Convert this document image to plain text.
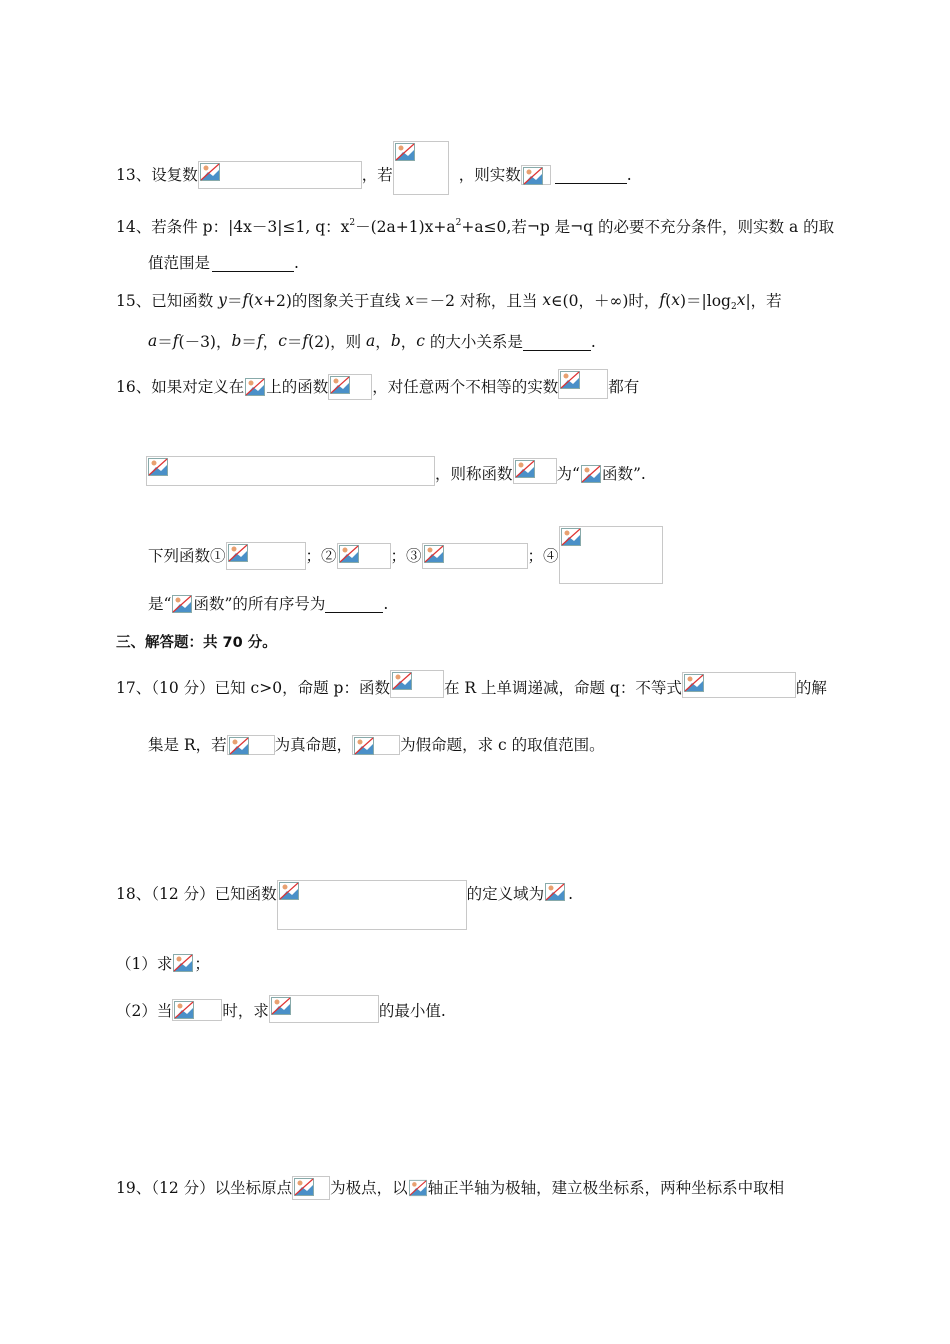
13、设复数	，若	，则实数	.
14、若条件 p：|4x－3|≤1, q：$x^2-(2a+1)x+a^2+a\le 0$,若¬p 是¬q 的必要不充分条件，则实数 a 的取
值范围是	.
15、已知函数 y＝f(x+2)的图象关于直线 x＝－2 对称，且当 x∈(0，＋∞)时，$f(x)=|\log_2x|$，若
a＝f(－3)，b＝f，c＝f(2)，则 a，b，c 的大小关系是	.
16、如果对定义在 上的函数	，对任意两个不相等的实数	都有
，则称函数	为“ 函数”.
下列函数①	；②	；③	；④
是“ 函数”的所有序号为	.
三、解答题：共 70 分。
17、（10 分）已知 c>0，命题 p：函数	在 R 上单调递减，命题 q：不等式	的解
集是 R，若	为真命题，	为假命题，求 c 的取值范围。
18、（12 分）已知函数	的定义域为 .
（1）求 ；
（2）当	时，求	的最小值.
19、（12 分）以坐标原点 为极点，以 轴正半轴为极轴，建立极坐标系，两种坐标系中取相
